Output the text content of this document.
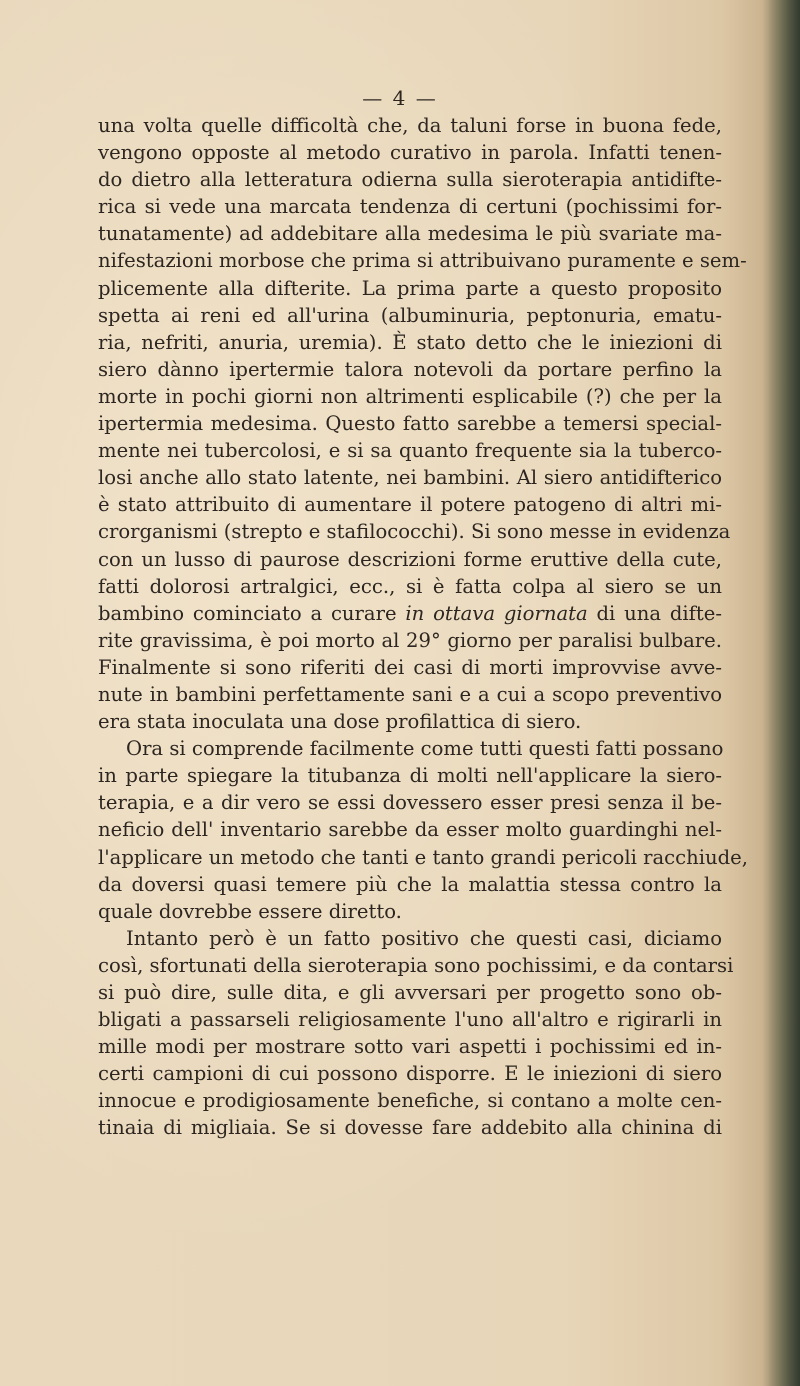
— 4 —
una volta quelle difficoltà che, da taluni forse in buona fede,
vengono opposte al metodo curativo in parola. Infatti tenen-
do dietro alla letteratura odierna sulla sieroterapia antidifte-
rica si vede una marcata tendenza di certuni (pochissimi for-
tunatamente) ad addebitare alla medesima le più svariate ma-
nifestazioni morbose che prima si attribuivano puramente e sem-
plicemente alla difterite. La prima parte a questo proposito
spetta ai reni ed all'urina (albuminuria, peptonuria, ematu-
ria, nefriti, anuria, uremia). È stato detto che le iniezioni di
siero dànno ipertermie talora notevoli da portare perfino la
morte in pochi giorni non altrimenti esplicabile (?) che per la
ipertermia medesima. Questo fatto sarebbe a temersi special-
mente nei tubercolosi, e si sa quanto frequente sia la tuberco-
losi anche allo stato latente, nei bambini. Al siero antidifterico
è stato attribuito di aumentare il potere patogeno di altri mi-
crorganismi (strepto e stafilococchi). Si sono messe in evidenza
con un lusso di paurose descrizioni forme eruttive della cute,
fatti dolorosi artralgici, ecc., si è fatta colpa al siero se un
bambino cominciato a curare in ottava giornata di una difte-
rite gravissima, è poi morto al 29° giorno per paralisi bulbare.
Finalmente si sono riferiti dei casi di morti improvvise avve-
nute in bambini perfettamente sani e a cui a scopo preventivo
era stata inoculata una dose profilattica di siero.
Ora si comprende facilmente come tutti questi fatti possano
in parte spiegare la titubanza di molti nell'applicare la siero-
terapia, e a dir vero se essi dovessero esser presi senza il be-
neficio dell' inventario sarebbe da esser molto guardinghi nel-
l'applicare un metodo che tanti e tanto grandi pericoli racchiude,
da doversi quasi temere più che la malattia stessa contro la
quale dovrebbe essere diretto.
Intanto però è un fatto positivo che questi casi, diciamo
così, sfortunati della sieroterapia sono pochissimi, e da contarsi
si può dire, sulle dita, e gli avversari per progetto sono ob-
bligati a passarseli religiosamente l'uno all'altro e rigirarli in
mille modi per mostrare sotto vari aspetti i pochissimi ed in-
certi campioni di cui possono disporre. E le iniezioni di siero
innocue e prodigiosamente benefiche, si contano a molte cen-
tinaia di migliaia. Se si dovesse fare addebito alla chinina di
